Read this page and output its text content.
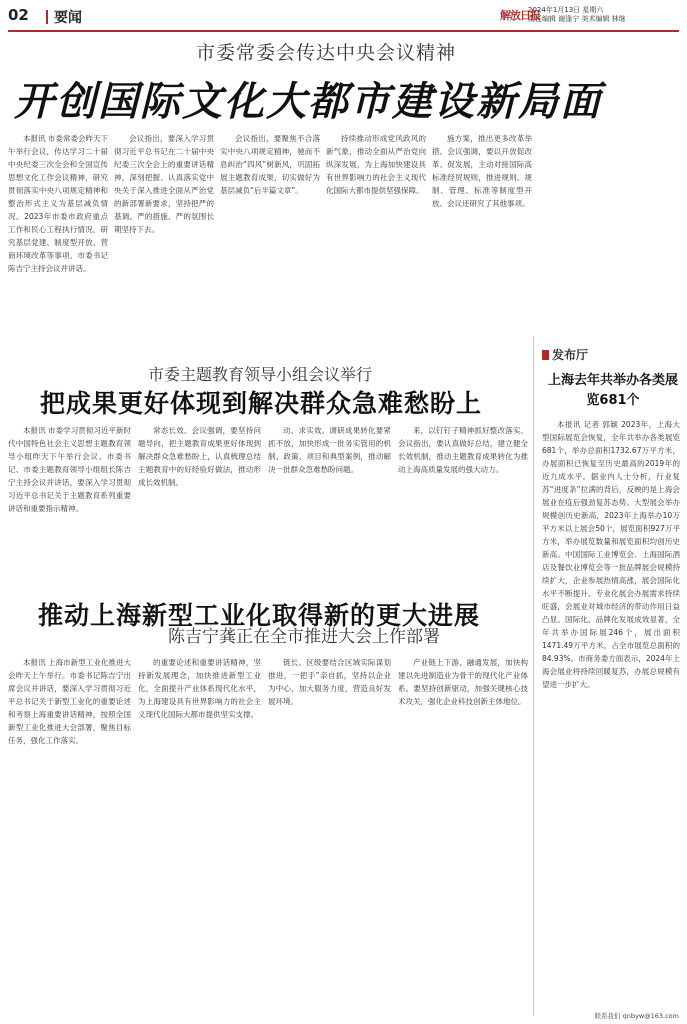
02 要闻	解放日报
2024年1月13日 星期六
责任编辑 谢逢宁 美术编辑 林继
市委常委会传达中央会议精神
开创国际文化大都市建设新局面

本报讯 市委常委会昨天下午举行会议，传达学习二十届中央纪委三次全会和全国宣传思想文化工作会议精神，研究贯彻落实中央八项规定精神和整治形式主义为基层减负情况。2023年市委市政府重点工作和民心工程执行情况，研究基层党建、制度型开放、营商环境改革等事项。市委书记陈吉宁主持会议并讲话。

会议指出，要深入学习贯彻习近平总书记在二十届中央纪委三次全会上的重要讲话精神，深刻把握、认真落实党中央关于深入推进全面从严治党的新部署新要求，坚持把严的基调、严的措施、严的氛围长期坚持下去。

会议指出，要聚焦不合落实中央八项规定精神，驰而不息纠治“四风”树新风，巩固拓展主题教育成果，切实做好为基层减负“后半篇文章”。

持续推动形成党风政风的新气象，推动全面从严治党向纵深发展，为上海加快建设具有世界影响力的社会主义现代化国际大都市提供坚强保障。

施方案，推出更多改革举措。会议强调，要以开放促改革、促发展，主动对接国际高标准经贸规则，推进规则、规制、管理、标准等制度型开放。会议还研究了其他事项。

市委主题教育领导小组会议举行
把成果更好体现到解决群众急难愁盼上

本报讯 市委学习贯彻习近平新时代中国特色社会主义思想主题教育领导小组昨天下午举行会议。市委书记、市委主题教育领导小组组长陈吉宁主持会议并讲话，要深入学习贯彻习近平总书记关于主题教育系列重要讲话和重要指示精神。

常态长效。会议强调，要坚持问题导向，把主题教育成果更好体现到解决群众急难愁盼上，认真梳理总结主题教育中的好经验好做法，推动形成长效机制。

动、求实效。调研成果转化要紧抓不放，加快形成一批务实管用的机制、政策、项目和典型案例，推动解决一批群众急难愁盼问题。

来，以钉钉子精神抓好整改落实。会议指出，要认真做好总结，建立健全长效机制，推动主题教育成果转化为推动上海高质量发展的强大动力。

推动上海新型工业化取得新的更大进展
陈吉宁龚正在全市推进大会上作部署

本报讯 上海市新型工业化推进大会昨天上午举行。市委书记陈吉宁出席会议并讲话，要深入学习贯彻习近平总书记关于新型工业化的重要论述和考察上海重要讲话精神，按照全国新型工业化推进大会部署，聚焦目标任务，强化工作落实。

的重要论述和重要讲话精神，坚持新发展理念，加快推进新型工业化，全面提升产业体系现代化水平，为上海建设具有世界影响力的社会主义现代化国际大都市提供坚实支撑。

链长。区级要结合区域实际谋划推进，一把手”亲自抓，坚持以企业为中心，加大服务力度，营造良好发展环境。

产业链上下游、融通发展，加快构建以先进制造业为骨干的现代化产业体系。要坚持创新驱动，加强关键核心技术攻关，强化企业科技创新主体地位。

发布厅
上海去年共举办各类展览681个

本报讯 记者 郭颖 2023年，上海大型国际展览会恢复，全年共举办各类展览681个，举办总面积1732.67万平方米，办展面积已恢复至历史最高的2019年的近九成水平。据业内人士分析，行业复苏“进度条”拉满的背后，反映的是上海会展业在疫后强劲复苏态势。大型展会举办规模创历史新高，2023年上海举办10万平方米以上展会50个，展览面积927万平方米，举办展览数量和展览面积均创历史新高。中国国际工业博览会、上海国际酒店及餐饮业博览会等一批品牌展会规模持续扩大，企业参展热情高涨，展会国际化水平不断提升。专业化展会办展需求持续旺盛，会展业对城市经济的带动作用日益凸显。国际化、品牌化发展成效显著，全年共举办国际展246个，展出面积1471.49万平方米，占全市展览总面积的84.93%。市商务委方面表示，2024年上海会展业将持续回暖复苏，办展总规模有望进一步扩大。

联系我们 qnbyw@163.com
